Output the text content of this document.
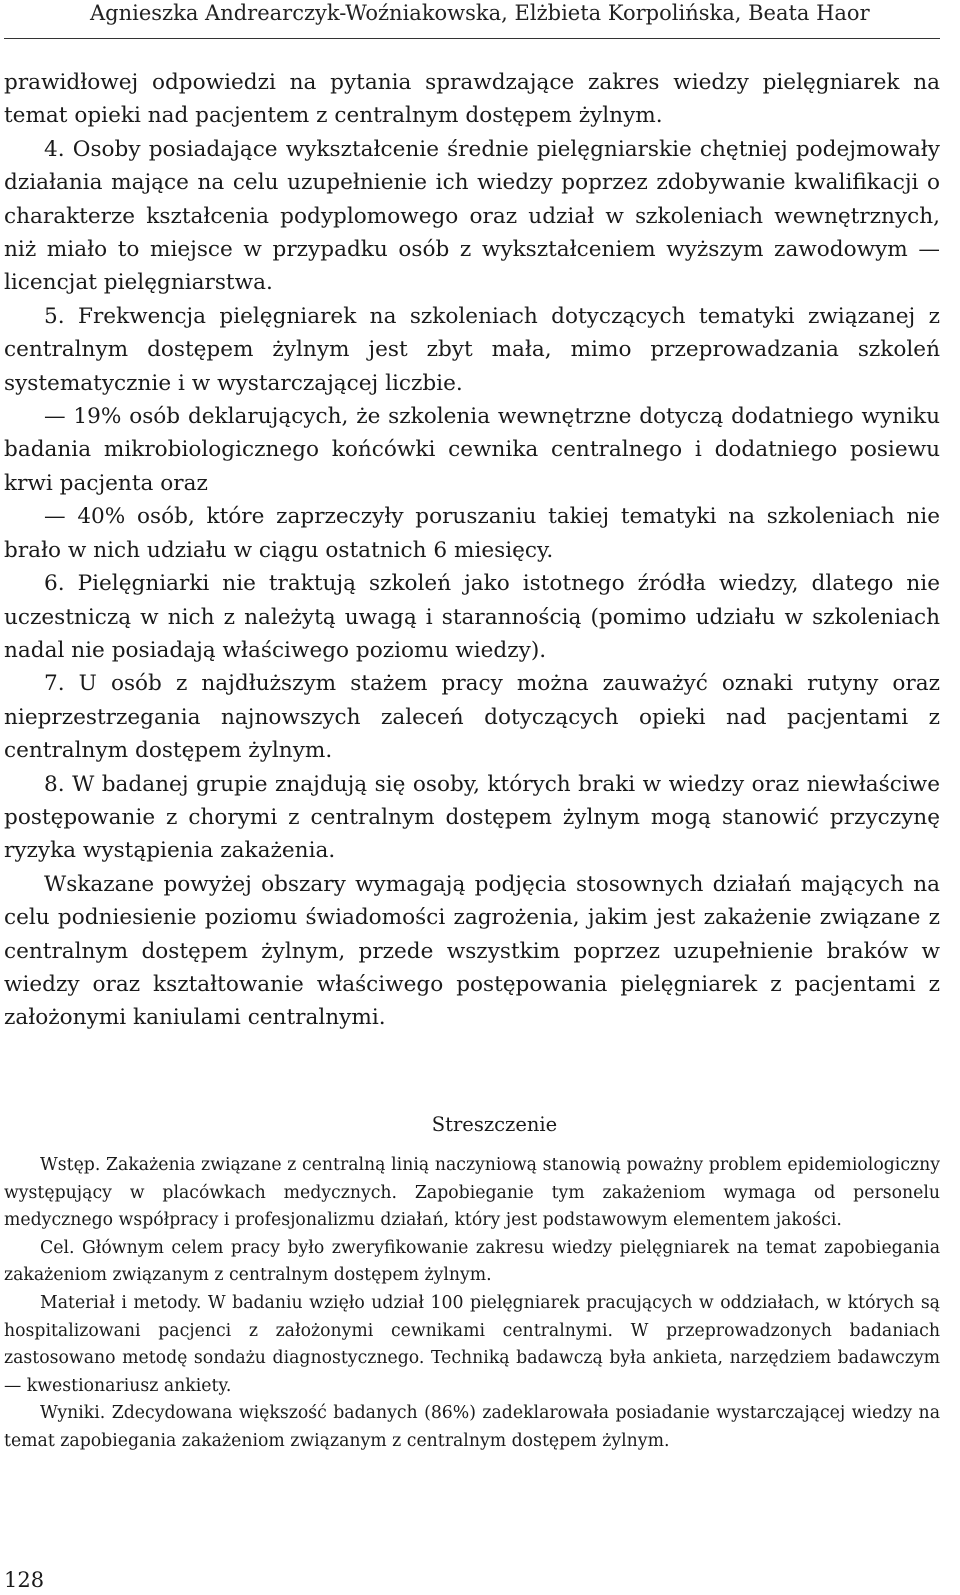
Agnieszka Andrearczyk-Woźniakowska, Elżbieta Korpolińska, Beata Haor

prawidłowej odpowiedzi na pytania sprawdzające zakres wiedzy pielęgniarek na temat opieki nad pacjentem z centralnym dostępem żylnym.

4. Osoby posiadające wykształcenie średnie pielęgniarskie chętniej podejmowały działania mające na celu uzupełnienie ich wiedzy poprzez zdobywanie kwalifikacji o charakterze kształcenia podyplomowego oraz udział w szkoleniach wewnętrznych, niż miało to miejsce w przypadku osób z wykształceniem wyższym zawodowym — licencjat pielęgniarstwa.

5. Frekwencja pielęgniarek na szkoleniach dotyczących tematyki związanej z centralnym dostępem żylnym jest zbyt mała, mimo przeprowadzania szkoleń systematycznie i w wystarczającej liczbie.

— 19% osób deklarujących, że szkolenia wewnętrzne dotyczą dodatniego wyniku badania mikrobiologicznego końcówki cewnika centralnego i dodatniego posiewu krwi pacjenta oraz

— 40% osób, które zaprzeczyły poruszaniu takiej tematyki na szkoleniach nie brało w nich udziału w ciągu ostatnich 6 miesięcy.

6. Pielęgniarki nie traktują szkoleń jako istotnego źródła wiedzy, dlatego nie uczestniczą w nich z należytą uwagą i starannością (pomimo udziału w szkoleniach nadal nie posiadają właściwego poziomu wiedzy).

7. U osób z najdłuższym stażem pracy można zauważyć oznaki rutyny oraz nieprzestrzegania najnowszych zaleceń dotyczących opieki nad pacjentami z centralnym dostępem żylnym.

8. W badanej grupie znajdują się osoby, których braki w wiedzy oraz niewłaściwe postępowanie z chorymi z centralnym dostępem żylnym mogą stanowić przyczynę ryzyka wystąpienia zakażenia.

Wskazane powyżej obszary wymagają podjęcia stosownych działań mających na celu podniesienie poziomu świadomości zagrożenia, jakim jest zakażenie związane z centralnym dostępem żylnym, przede wszystkim poprzez uzupełnienie braków w wiedzy oraz kształtowanie właściwego postępowania pielęgniarek z pacjentami z założonymi kaniulami centralnymi.

Streszczenie

Wstęp. Zakażenia związane z centralną linią naczyniową stanowią poważny problem epidemiologiczny występujący w placówkach medycznych. Zapobieganie tym zakażeniom wymaga od personelu medycznego współpracy i profesjonalizmu działań, który jest podstawowym elementem jakości.

Cel. Głównym celem pracy było zweryfikowanie zakresu wiedzy pielęgniarek na temat zapobiegania zakażeniom związanym z centralnym dostępem żylnym.

Materiał i metody. W badaniu wzięło udział 100 pielęgniarek pracujących w oddziałach, w których są hospitalizowani pacjenci z założonymi cewnikami centralnymi. W przeprowadzonych badaniach zastosowano metodę sondażu diagnostycznego. Techniką badawczą była ankieta, narzędziem badawczym — kwestionariusz ankiety.

Wyniki. Zdecydowana większość badanych (86%) zadeklarowała posiadanie wystarczającej wiedzy na temat zapobiegania zakażeniom związanym z centralnym dostępem żylnym.

128
